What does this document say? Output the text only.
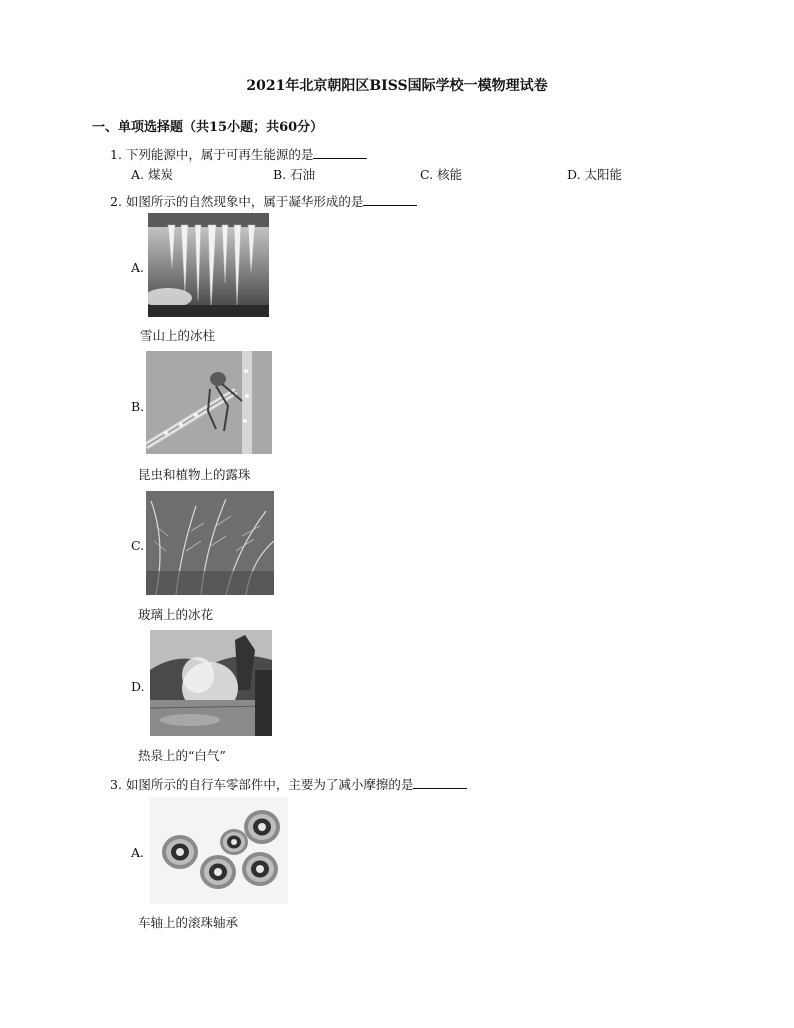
2021年北京朝阳区BISS国际学校一模物理试卷
一、单项选择题（共15小题；共60分）
1. 下列能源中，属于可再生能源的是
A. 煤炭	B. 石油	C. 核能	D. 太阳能
2. 如图所示的自然现象中，属于凝华形成的是
A.
雪山上的冰柱
B.
昆虫和植物上的露珠
C.
玻璃上的冰花
D.
热泉上的“白气”
3. 如图所示的自行车零部件中，主要为了减小摩擦的是
A.
车轴上的滚珠轴承
